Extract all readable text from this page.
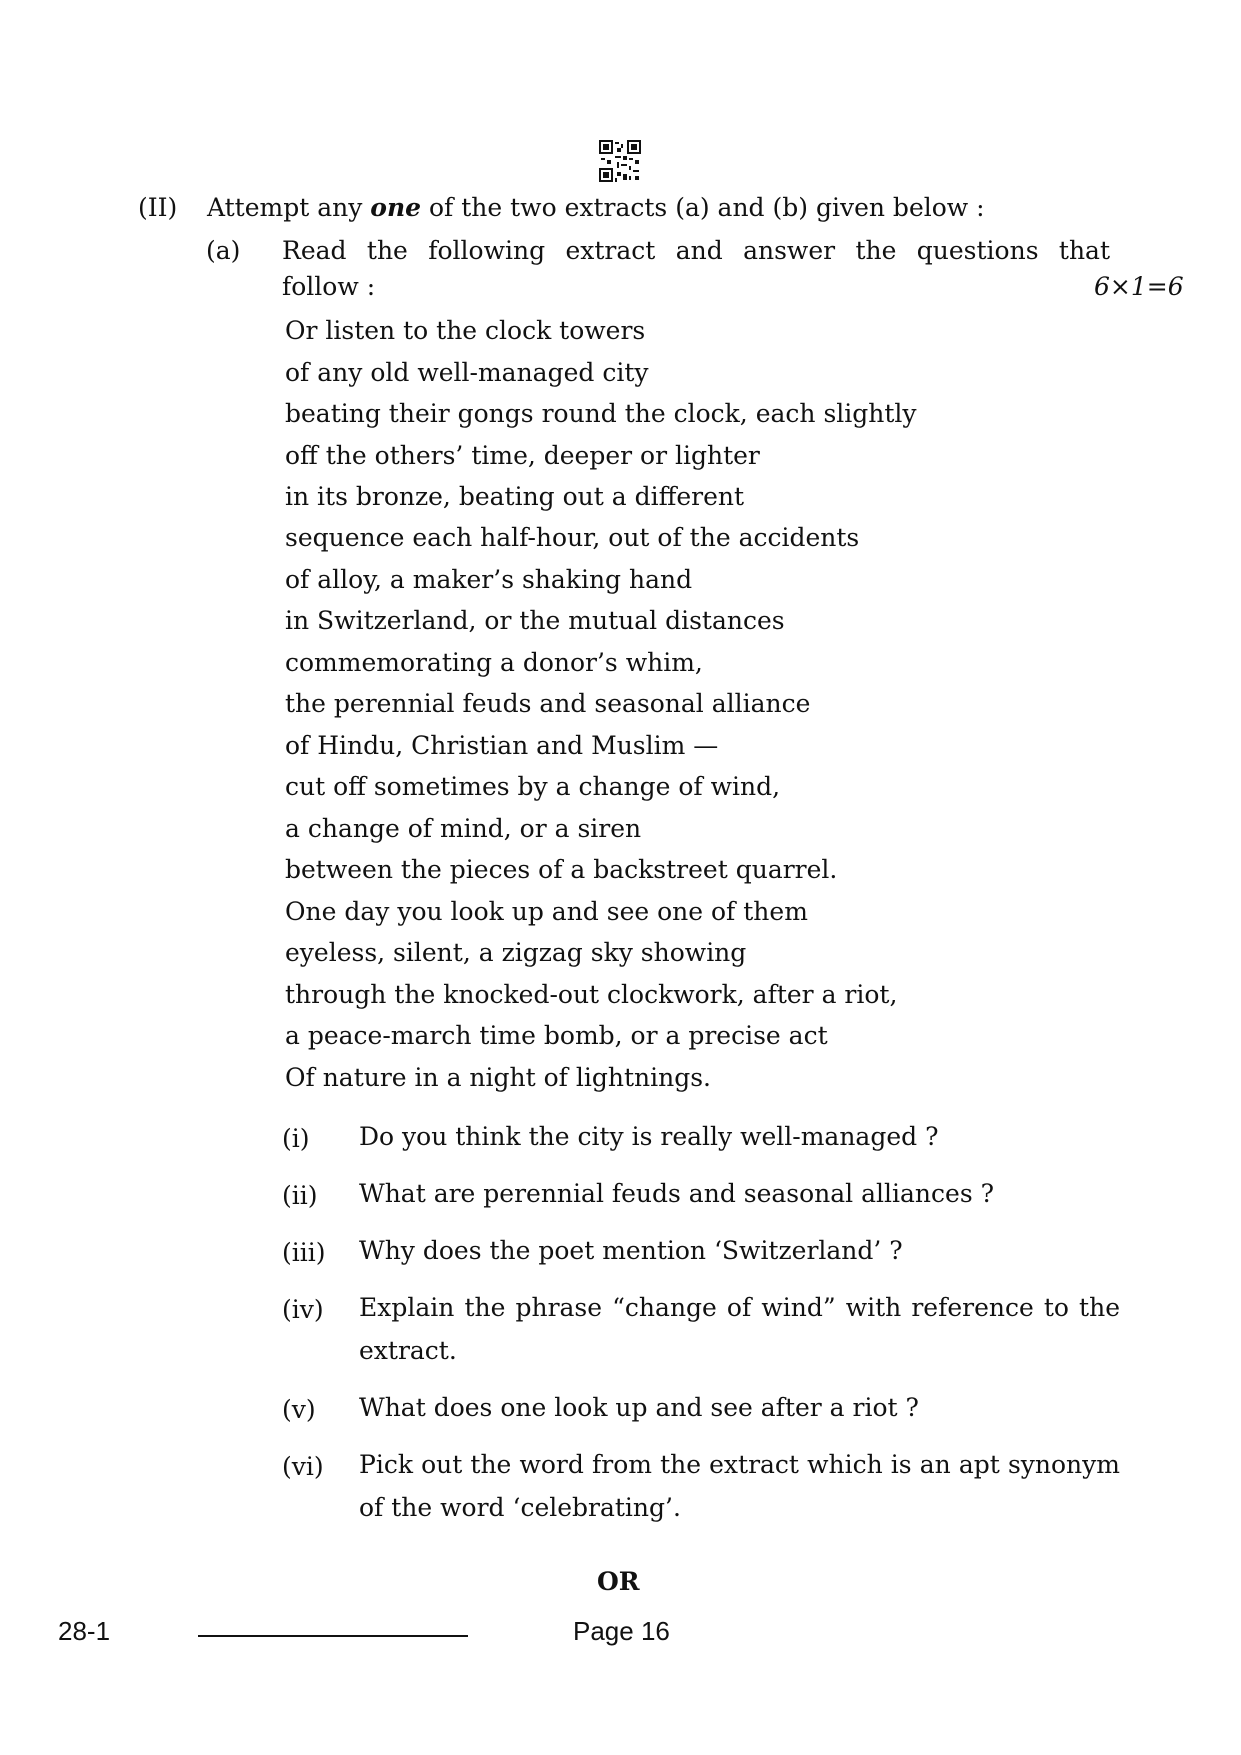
(II) Attempt any one of the two extracts (a) and (b) given below :
(a) Read the following extract and answer the questions that
follow :	6×1=6
Or listen to the clock towers
of any old well-managed city
beating their gongs round the clock, each slightly
off the others’ time, deeper or lighter
in its bronze, beating out a different
sequence each half-hour, out of the accidents
of alloy, a maker’s shaking hand
in Switzerland, or the mutual distances
commemorating a donor’s whim,
the perennial feuds and seasonal alliance
of Hindu, Christian and Muslim —
cut off sometimes by a change of wind,
a change of mind, or a siren
between the pieces of a backstreet quarrel.
One day you look up and see one of them
eyeless, silent, a zigzag sky showing
through the knocked-out clockwork, after a riot,
a peace-march time bomb, or a precise act
Of nature in a night of lightnings.
(i) Do you think the city is really well-managed ?
(ii) What are perennial feuds and seasonal alliances ?
(iii) Why does the poet mention ‘Switzerland’ ?
(iv) Explain the phrase “change of wind” with reference to the extract.
(v) What does one look up and see after a riot ?
(vi) Pick out the word from the extract which is an apt synonym of the word ‘celebrating’.
OR
28-1	Page 16
